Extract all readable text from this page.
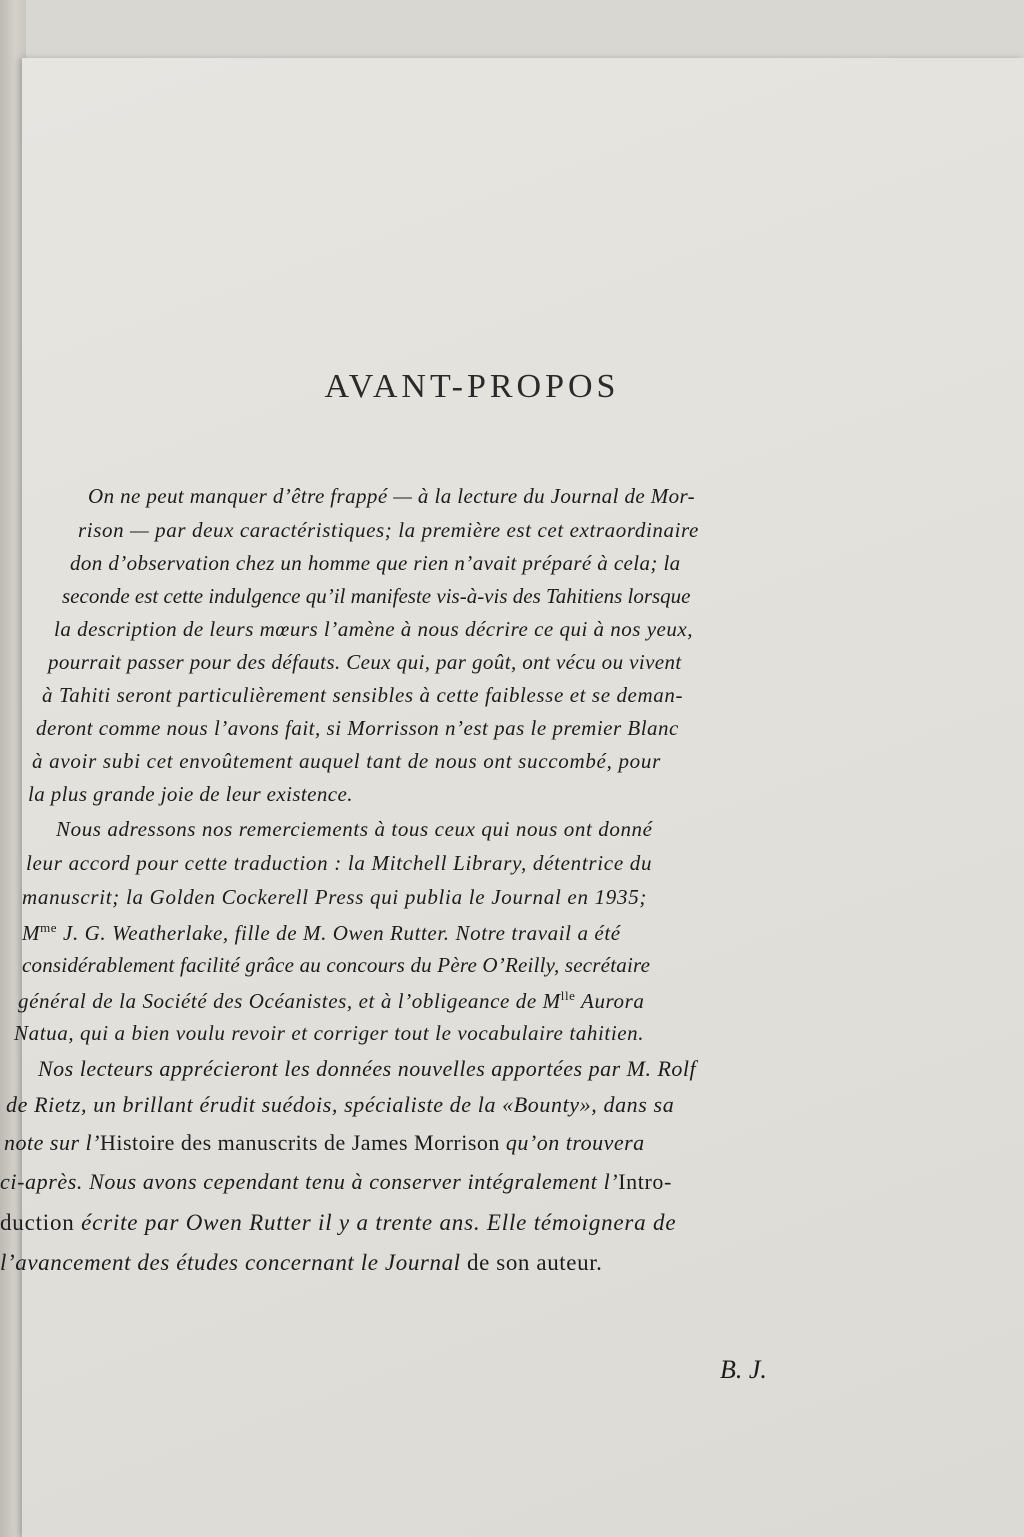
AVANT-PROPOS
On ne peut manquer d’être frappé — à la lecture du Journal de Mor-
rison — par deux caractéristiques; la première est cet extraordinaire
don d’observation chez un homme que rien n’avait préparé à cela; la
seconde est cette indulgence qu’il manifeste vis-à-vis des Tahitiens lorsque
la description de leurs mœurs l’amène à nous décrire ce qui à nos yeux,
pourrait passer pour des défauts. Ceux qui, par goût, ont vécu ou vivent
à Tahiti seront particulièrement sensibles à cette faiblesse et se deman-
deront comme nous l’avons fait, si Morrisson n’est pas le premier Blanc
à avoir subi cet envoûtement auquel tant de nous ont succombé, pour
la plus grande joie de leur existence.
Nous adressons nos remerciements à tous ceux qui nous ont donné
leur accord pour cette traduction : la Mitchell Library, détentrice du
manuscrit; la Golden Cockerell Press qui publia le Journal en 1935;
$M^{me}$ J. G. Weatherlake, fille de M. Owen Rutter. Notre travail a été
considérablement facilité grâce au concours du Père O’Reilly, secrétaire
général de la Société des Océanistes, et à l’obligeance de $M^{lle}$ Aurora
Natua, qui a bien voulu revoir et corriger tout le vocabulaire tahitien.
Nos lecteurs apprécieront les données nouvelles apportées par M. Rolf
de Rietz, un brillant érudit suédois, spécialiste de la «Bounty», dans sa
note sur l’Histoire des manuscrits de James Morrison qu’on trouvera
ci-après. Nous avons cependant tenu à conserver intégralement l’Intro-
duction écrite par Owen Rutter il y a trente ans. Elle témoignera de
l’avancement des études concernant le Journal de son auteur.
B. J.
